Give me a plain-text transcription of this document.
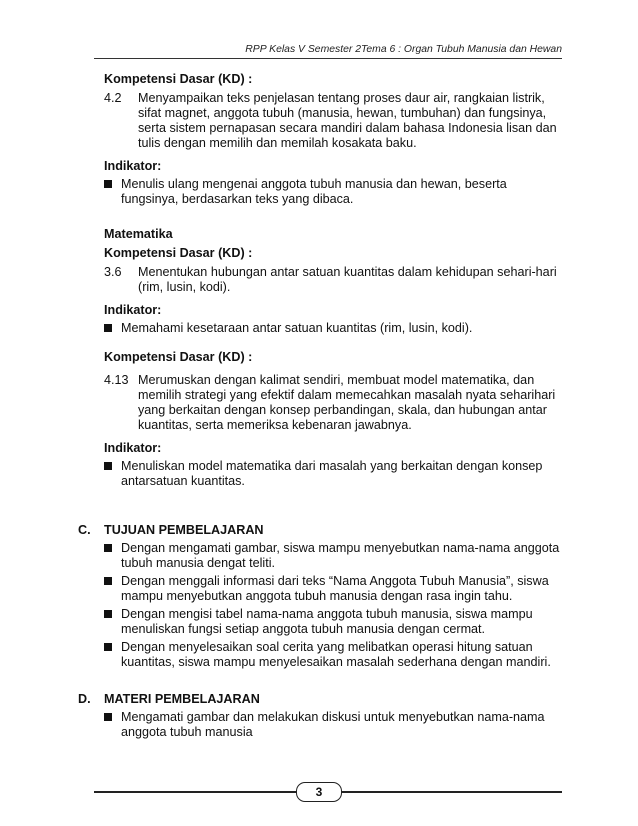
RPP Kelas V Semester 2Tema 6 : Organ Tubuh Manusia dan Hewan
Kompetensi Dasar (KD) :
4.2	Menyampaikan teks penjelasan tentang proses daur air, rangkaian listrik,
sifat magnet, anggota tubuh (manusia, hewan, tumbuhan) dan fungsinya,
serta sistem pernapasan secara mandiri dalam bahasa Indonesia lisan dan
tulis dengan memilih dan memilah kosakata baku.
Indikator:
Menulis ulang mengenai anggota tubuh manusia dan hewan, beserta
fungsinya, berdasarkan teks yang dibaca.
Matematika
Kompetensi Dasar (KD) :
3.6	Menentukan hubungan antar satuan kuantitas dalam kehidupan sehari-hari
(rim, lusin, kodi).
Indikator:
Memahami kesetaraan antar satuan kuantitas (rim, lusin, kodi).
Kompetensi Dasar (KD) :
4.13 Merumuskan dengan kalimat sendiri, membuat model matematika, dan
memilih strategi yang efektif dalam memecahkan masalah nyata seharihari
yang berkaitan dengan konsep perbandingan, skala, dan hubungan antar
kuantitas, serta memeriksa kebenaran jawabnya.
Indikator:
Menuliskan model matematika dari masalah yang berkaitan dengan konsep
antarsatuan kuantitas.
C.	TUJUAN PEMBELAJARAN
Dengan mengamati gambar, siswa mampu menyebutkan nama-nama anggota
tubuh manusia dengat teliti.
Dengan menggali informasi dari teks “Nama Anggota Tubuh Manusia”, siswa
mampu menyebutkan anggota tubuh manusia dengan rasa ingin tahu.
Dengan mengisi tabel nama-nama anggota tubuh manusia, siswa mampu
menuliskan fungsi setiap anggota tubuh manusia dengan cermat.
Dengan menyelesaikan soal cerita yang melibatkan operasi hitung satuan
kuantitas, siswa mampu menyelesaikan masalah sederhana dengan mandiri.
D.	MATERI PEMBELAJARAN
Mengamati gambar dan melakukan diskusi untuk menyebutkan nama-nama
anggota tubuh manusia
3
